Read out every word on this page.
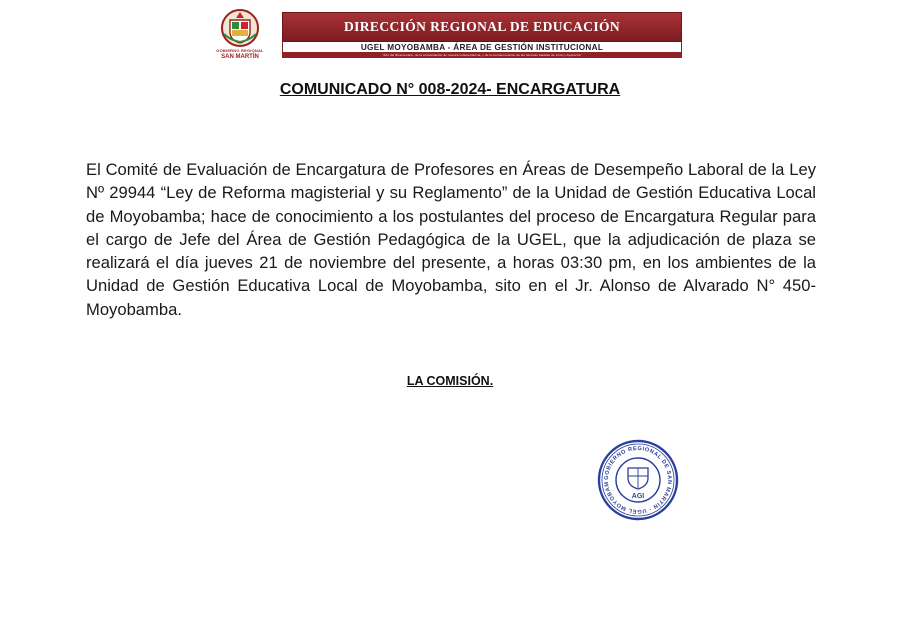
GOBIERNO REGIONAL
SAN MARTÍN
DIRECCIÓN REGIONAL DE EDUCACIÓN
UGEL MOYOBAMBA - ÁREA DE GESTIÓN INSTITUCIONAL
"Año del Bicentenario, de la consolidación de nuestra Independencia, y de la conmemoración de las heroicas batallas de Junín y Ayacucho"
COMUNICADO N° 008-2024- ENCARGATURA

El Comité de Evaluación de Encargatura de Profesores en Áreas de Desempeño Laboral de la Ley Nº 29944 “Ley de Reforma magisterial y su Reglamento” de la Unidad de Gestión Educativa Local de Moyobamba; hace de conocimiento a los postulantes del proceso de Encargatura Regular para el cargo de Jefe del Área de Gestión Pedagógica de la UGEL, que la adjudicación de plaza se realizará el día jueves 21 de noviembre del presente, a horas 03:30 pm, en los ambientes de la Unidad de Gestión Educativa Local de Moyobamba, sito en el Jr. Alonso de Alvarado N° 450-Moyobamba.

LA COMISIÓN.
GOBIERNO REGIONAL DE SAN MARTÍN · UGEL MOYOBAM
AGI
